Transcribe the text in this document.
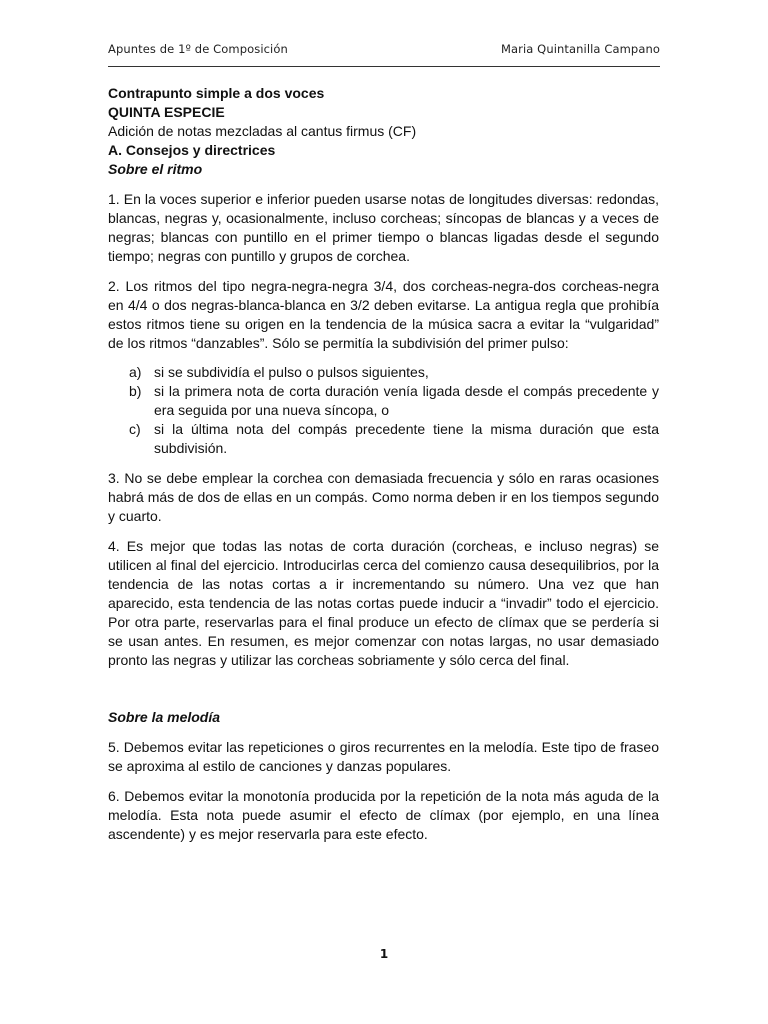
Apuntes de 1º de Composición	Maria Quintanilla Campano

Contrapunto simple a dos voces

QUINTA ESPECIE

Adición de notas mezcladas al cantus firmus (CF)

A. Consejos y directrices

Sobre el ritmo

1. En la voces superior e inferior pueden usarse notas de longitudes diversas: redondas, blancas, negras y, ocasionalmente, incluso corcheas; síncopas de blancas y a veces de negras; blancas con puntillo en el primer tiempo o blancas ligadas desde el segundo tiempo; negras con puntillo y grupos de corchea.

2. Los ritmos del tipo negra-negra-negra 3/4, dos corcheas-negra-dos corcheas-negra en 4/4 o dos negras-blanca-blanca en 3/2 deben evitarse. La antigua regla que prohibía estos ritmos tiene su origen en la tendencia de la música sacra a evitar la “vulgaridad” de los ritmos “danzables”. Sólo se permitía la subdivisión del primer pulso:

a) si se subdividía el pulso o pulsos siguientes,
b) si la primera nota de corta duración venía ligada desde el compás precedente y era seguida por una nueva síncopa, o
c) si la última nota del compás precedente tiene la misma duración que esta subdivisión.

3. No se debe emplear la corchea con demasiada frecuencia y sólo en raras ocasiones habrá más de dos de ellas en un compás. Como norma deben ir en los tiempos segundo y cuarto.

4. Es mejor que todas las notas de corta duración (corcheas, e incluso negras) se utilicen al final del ejercicio. Introducirlas cerca del comienzo causa desequilibrios, por la tendencia de las notas cortas a ir incrementando su número. Una vez que han aparecido, esta tendencia de las notas cortas puede inducir a “invadir” todo el ejercicio. Por otra parte, reservarlas para el final produce un efecto de clímax que se perdería si se usan antes. En resumen, es mejor comenzar con notas largas, no usar demasiado pronto las negras y utilizar las corcheas sobriamente y sólo cerca del final.

Sobre la melodía

5. Debemos evitar las repeticiones o giros recurrentes en la melodía. Este tipo de fraseo se aproxima al estilo de canciones y danzas populares.

6. Debemos evitar la monotonía producida por la repetición de la nota más aguda de la melodía. Esta nota puede asumir el efecto de clímax (por ejemplo, en una línea ascendente) y es mejor reservarla para este efecto.

1
